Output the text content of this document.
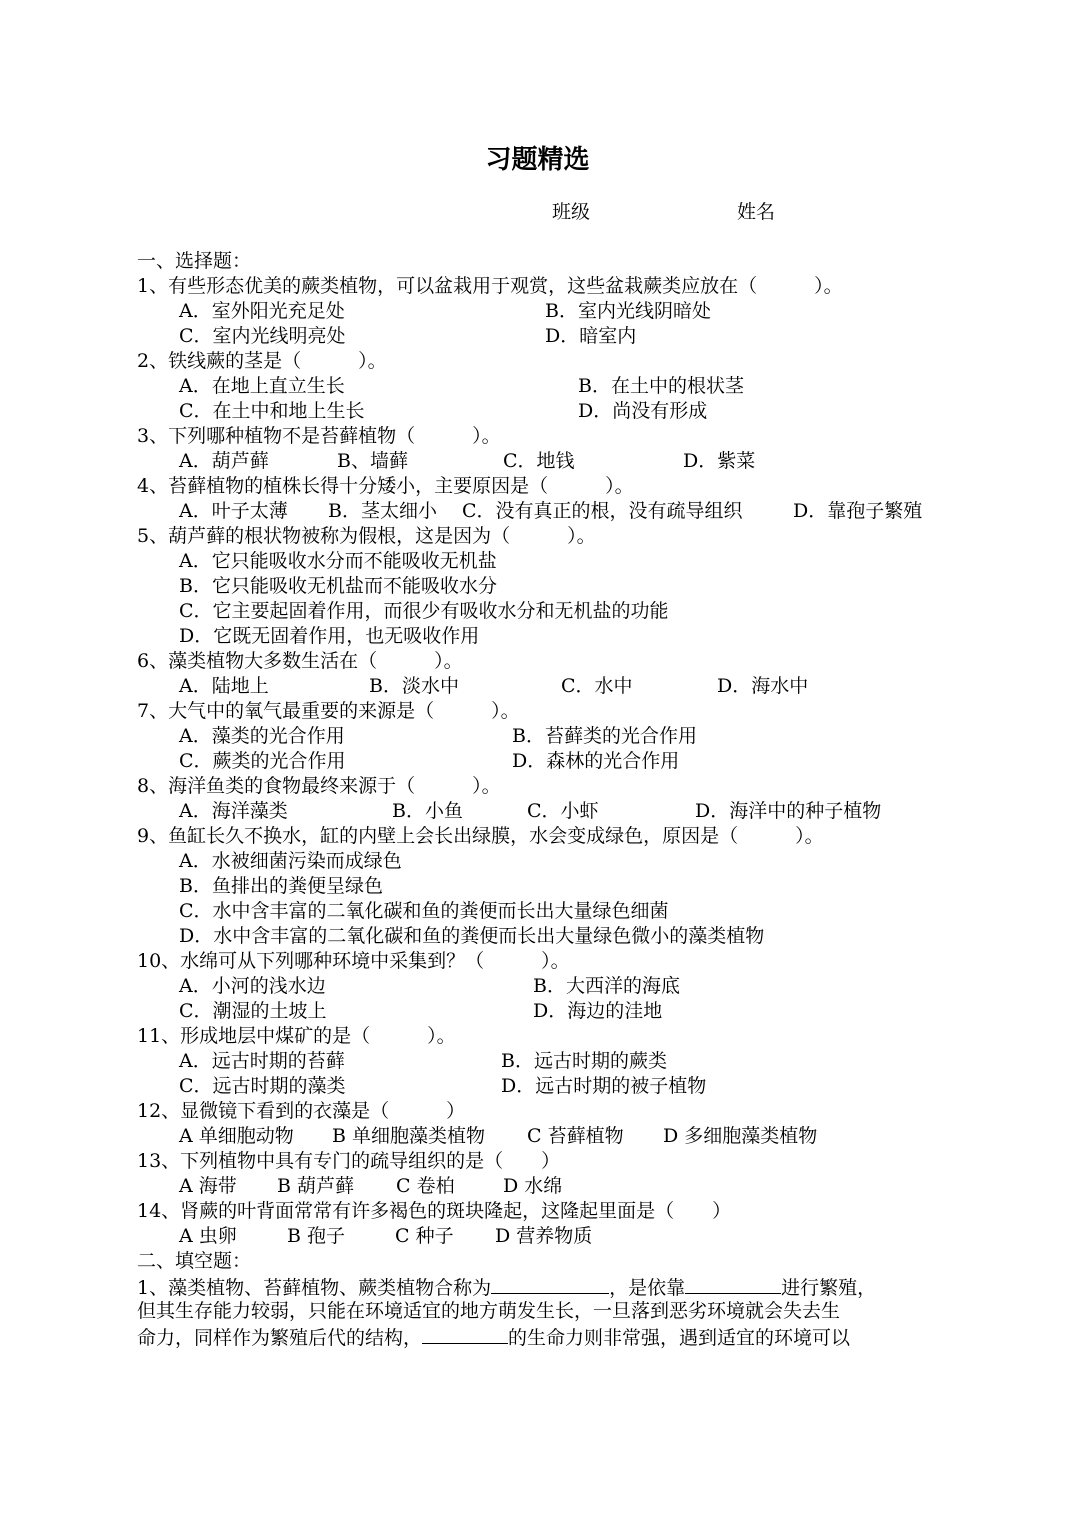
习题精选
班级	姓名
一、选择题：
1、有些形态优美的蕨类植物，可以盆栽用于观赏，这些盆栽蕨类应放在（　　　）。
A．室外阳光充足处	B．室内光线阴暗处
C．室内光线明亮处	D．暗室内
2、铁线蕨的茎是（　　　）。
A．在地上直立生长	B．在土中的根状茎
C．在土中和地上生长	D．尚没有形成
3、下列哪种植物不是苔藓植物（　　　）。
A．葫芦藓	B、墙藓	C．地钱	D．紫菜
4、苔藓植物的植株长得十分矮小，主要原因是（　　　）。
A．叶子太薄 B．茎太细小 C．没有真正的根，没有疏导组织	D．靠孢子繁殖
5、葫芦藓的根状物被称为假根，这是因为（　　　）。
A．它只能吸收水分而不能吸收无机盐
B．它只能吸收无机盐而不能吸收水分
C．它主要起固着作用，而很少有吸收水分和无机盐的功能
D．它既无固着作用，也无吸收作用
6、藻类植物大多数生活在（　　　）。
A．陆地上	B．淡水中	C．水中	D．海水中
7、大气中的氧气最重要的来源是（　　　）。
A．藻类的光合作用	B．苔藓类的光合作用
C．蕨类的光合作用	D．森林的光合作用
8、海洋鱼类的食物最终来源于（　　　）。
A．海洋藻类	B．小鱼	C．小虾	D．海洋中的种子植物
9、鱼缸长久不换水，缸的内壁上会长出绿膜，水会变成绿色，原因是（　　　）。
A．水被细菌污染而成绿色
B．鱼排出的粪便呈绿色
C．水中含丰富的二氧化碳和鱼的粪便而长出大量绿色细菌
D．水中含丰富的二氧化碳和鱼的粪便而长出大量绿色微小的藻类植物
10、水绵可从下列哪种环境中采集到？（　　　）。
A．小河的浅水边	B．大西洋的海底
C．潮湿的土坡上	D．海边的洼地
11、形成地层中煤矿的是（　　　）。
A．远古时期的苔藓	B．远古时期的蕨类
C．远古时期的藻类	D．远古时期的被子植物
12、显微镜下看到的衣藻是（　　　）
A 单细胞动物 B 单细胞藻类植物 C 苔藓植物 D 多细胞藻类植物
13、下列植物中具有专门的疏导组织的是（　　）
A 海带 B 葫芦藓 C 卷柏	D 水绵
14、肾蕨的叶背面常常有许多褐色的斑块隆起，这隆起里面是（　　）
A 虫卵	B 孢子	C 种子 D 营养物质
二、填空题：
1、藻类植物、苔藓植物、蕨类植物合称为	，是依靠	进行繁殖，
但其生存能力较弱，只能在环境适宜的地方萌发生长，一旦落到恶劣环境就会失去生
命力，同样作为繁殖后代的结构，	的生命力则非常强，遇到适宜的环境可以
